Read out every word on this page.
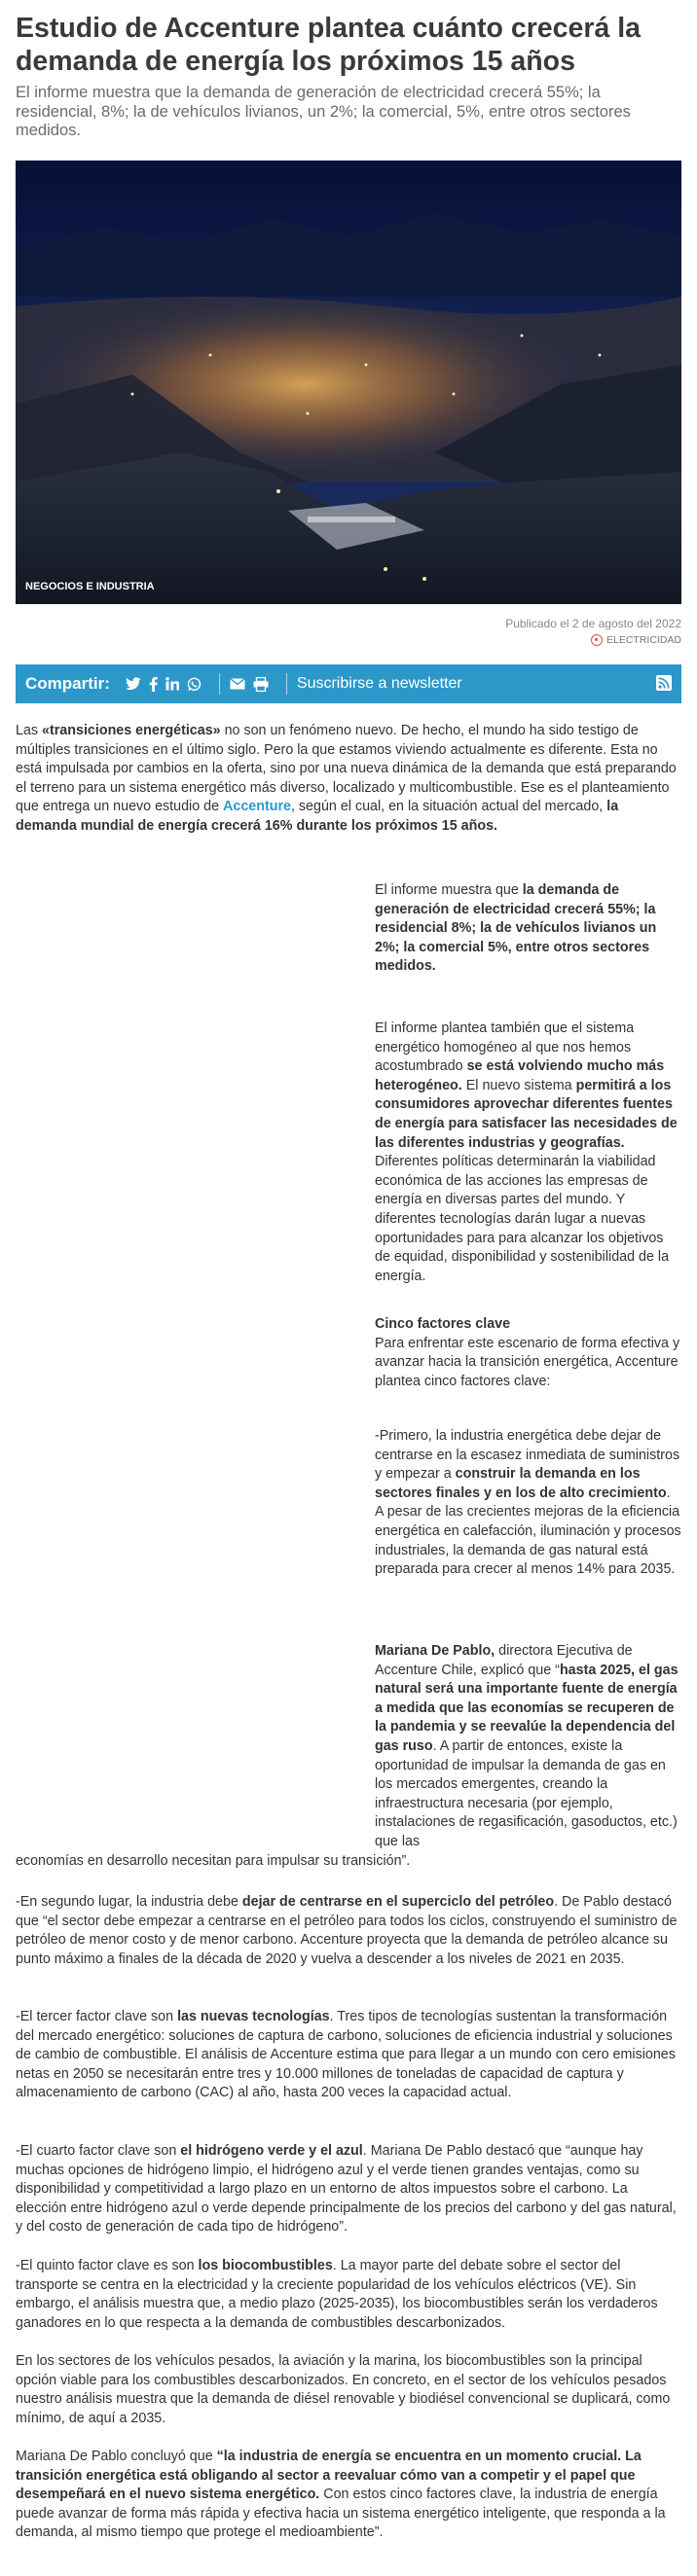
Estudio de Accenture plantea cuánto crecerá la demanda de energía los próximos 15 años

El informe muestra que la demanda de generación de electricidad crecerá 55%; la residencial, 8%; la de vehículos livianos, un 2%; la comercial, 5%, entre otros sectores medidos.

NEGOCIOS E INDUSTRIA
Publicado el 2 de agosto del 2022
ELECTRICIDAD
Compartir:	Suscribirse a newsletter

Las «transiciones energéticas» no son un fenómeno nuevo. De hecho, el mundo ha sido testigo de múltiples transiciones en el último siglo. Pero la que estamos viviendo actualmente es diferente. Esta no está impulsada por cambios en la oferta, sino por una nueva dinámica de la demanda que está preparando el terreno para un sistema energético más diverso, localizado y multicombustible. Ese es el planteamiento que entrega un nuevo estudio de Accenture, según el cual, en la situación actual del mercado, la demanda mundial de energía crecerá 16% durante los próximos 15 años.

El informe muestra que la demanda de generación de electricidad crecerá 55%; la residencial 8%; la de vehículos livianos un 2%; la comercial 5%, entre otros sectores medidos.

El informe plantea también que el sistema energético homogéneo al que nos hemos acostumbrado se está volviendo mucho más heterogéneo. El nuevo sistema permitirá a los consumidores aprovechar diferentes fuentes de energía para satisfacer las necesidades de las diferentes industrias y geografías. Diferentes políticas determinarán la viabilidad económica de las acciones las empresas de energía en diversas partes del mundo. Y diferentes tecnologías darán lugar a nuevas oportunidades para para alcanzar los objetivos de equidad, disponibilidad y sostenibilidad de la energía.

Cinco factores clave
Para enfrentar este escenario de forma efectiva y avanzar hacia la transición energética, Accenture plantea cinco factores clave:

-Primero, la industria energética debe dejar de centrarse en la escasez inmediata de suministros y empezar a construir la demanda en los sectores finales y en los de alto crecimiento. A pesar de las crecientes mejoras de la eficiencia energética en calefacción, iluminación y procesos industriales, la demanda de gas natural está preparada para crecer al menos 14% para 2035.

Mariana De Pablo, directora Ejecutiva de Accenture Chile, explicó que “hasta 2025, el gas natural será una importante fuente de energía a medida que las economías se recuperen de la pandemia y se reevalúe la dependencia del gas ruso. A partir de entonces, existe la oportunidad de impulsar la demanda de gas en los mercados emergentes, creando la infraestructura necesaria (por ejemplo, instalaciones de regasificación, gasoductos, etc.) que las

economías en desarrollo necesitan para impulsar su transición”.

-En segundo lugar, la industria debe dejar de centrarse en el superciclo del petróleo. De Pablo destacó que “el sector debe empezar a centrarse en el petróleo para todos los ciclos, construyendo el suministro de petróleo de menor costo y de menor carbono. Accenture proyecta que la demanda de petróleo alcance su punto máximo a finales de la década de 2020 y vuelva a descender a los niveles de 2021 en 2035.

-El tercer factor clave son las nuevas tecnologías. Tres tipos de tecnologías sustentan la transformación del mercado energético: soluciones de captura de carbono, soluciones de eficiencia industrial y soluciones de cambio de combustible. El análisis de Accenture estima que para llegar a un mundo con cero emisiones netas en 2050 se necesitarán entre tres y 10.000 millones de toneladas de capacidad de captura y almacenamiento de carbono (CAC) al año, hasta 200 veces la capacidad actual.

-El cuarto factor clave son el hidrógeno verde y el azul. Mariana De Pablo destacó que “aunque hay muchas opciones de hidrógeno limpio, el hidrógeno azul y el verde tienen grandes ventajas, como su disponibilidad y competitividad a largo plazo en un entorno de altos impuestos sobre el carbono. La elección entre hidrógeno azul o verde depende principalmente de los precios del carbono y del gas natural, y del costo de generación de cada tipo de hidrógeno”.

-El quinto factor clave es son los biocombustibles. La mayor parte del debate sobre el sector del transporte se centra en la electricidad y la creciente popularidad de los vehículos eléctricos (VE). Sin embargo, el análisis muestra que, a medio plazo (2025-2035), los biocombustibles serán los verdaderos ganadores en lo que respecta a la demanda de combustibles descarbonizados.

En los sectores de los vehículos pesados, la aviación y la marina, los biocombustibles son la principal opción viable para los combustibles descarbonizados. En concreto, en el sector de los vehículos pesados nuestro análisis muestra que la demanda de diésel renovable y biodiésel convencional se duplicará, como mínimo, de aquí a 2035.

Mariana De Pablo concluyó que “la industria de energía se encuentra en un momento crucial. La transición energética está obligando al sector a reevaluar cómo van a competir y el papel que desempeñará en el nuevo sistema energético. Con estos cinco factores clave, la industria de energía puede avanzar de forma más rápida y efectiva hacia un sistema energético inteligente, que responda a la demanda, al mismo tiempo que protege el medioambiente”.
